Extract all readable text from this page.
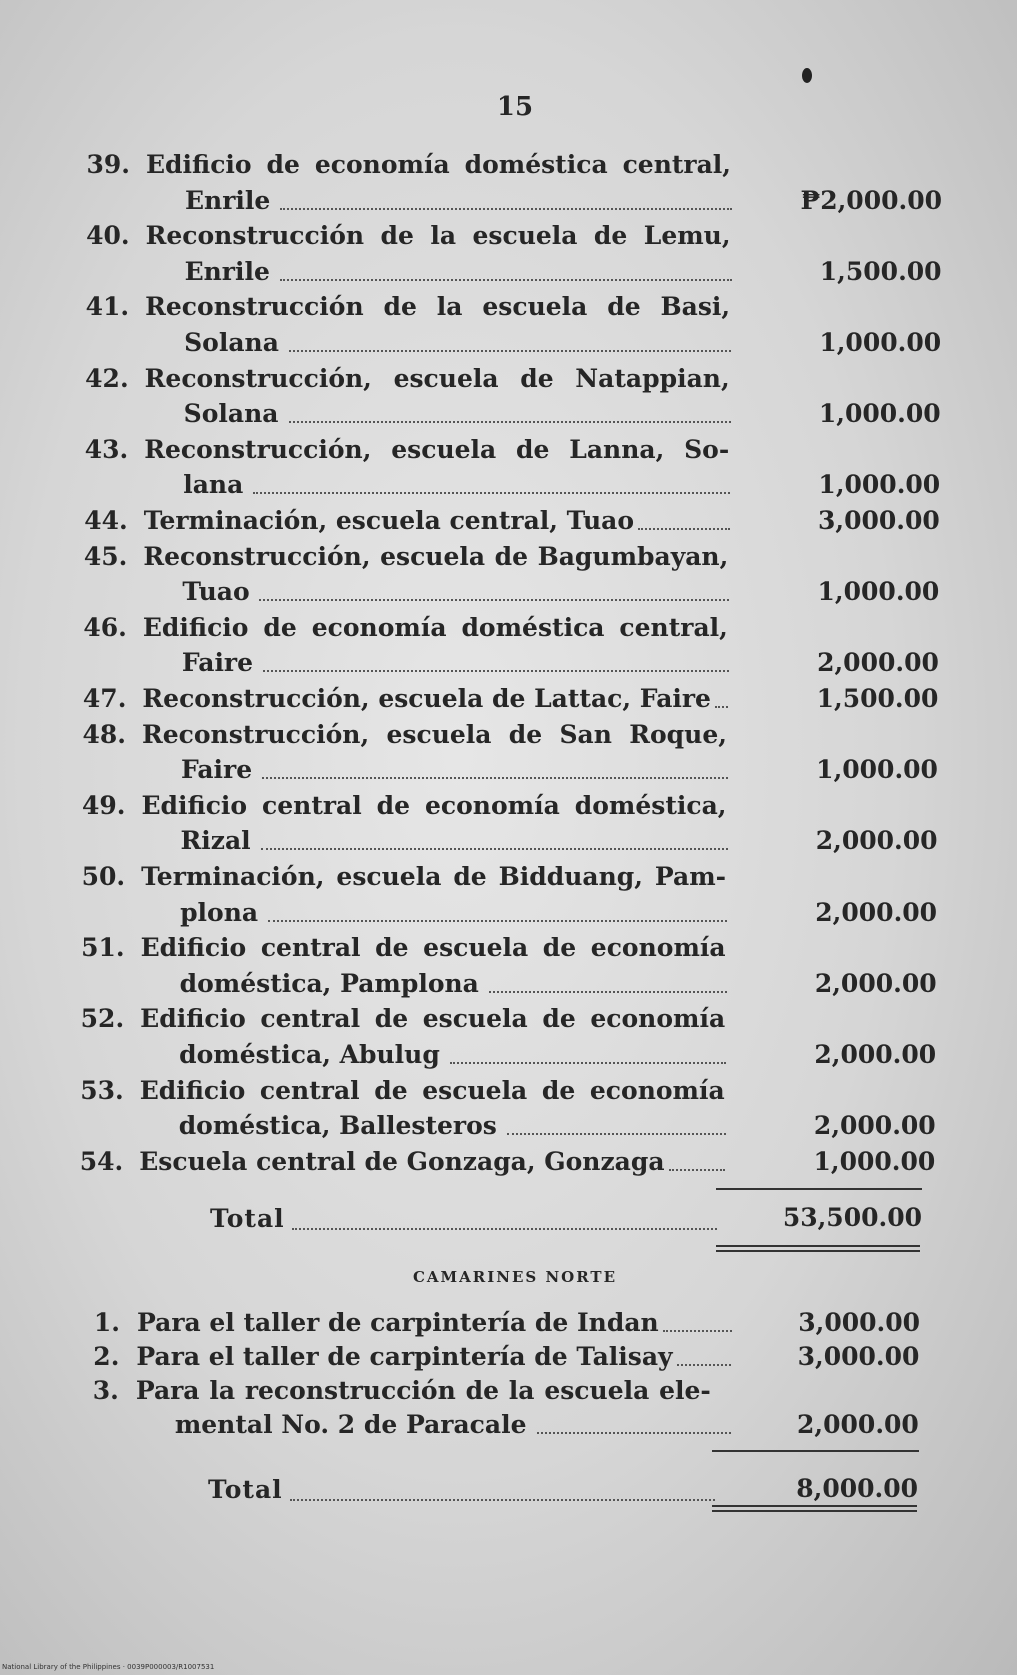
15
39. Edificio de economía doméstica central,
Enrile	₱2,000.00
40. Reconstrucción de la escuela de Lemu,
Enrile	1,500.00
41. Reconstrucción de la escuela de Basi,
Solana	1,000.00
42. Reconstrucción, escuela de Natappian,
Solana	1,000.00
43. Reconstrucción, escuela de Lanna, So-
lana	1,000.00
44. Terminación, escuela central, Tuao	3,000.00
45. Reconstrucción, escuela de Bagumbayan,
Tuao	1,000.00
46. Edificio de economía doméstica central,
Faire	2,000.00
47. Reconstrucción, escuela de Lattac, Faire	1,500.00
48. Reconstrucción, escuela de San Roque,
Faire	1,000.00
49. Edificio central de economía doméstica,
Rizal	2,000.00
50. Terminación, escuela de Bidduang, Pam-
plona	2,000.00
51. Edificio central de escuela de economía
doméstica, Pamplona	2,000.00
52. Edificio central de escuela de economía
doméstica, Abulug	2,000.00
53. Edificio central de escuela de economía
doméstica, Ballesteros	2,000.00
54. Escuela central de Gonzaga, Gonzaga	1,000.00
Total	53,500.00
CAMARINES NORTE
1. Para el taller de carpintería de Indan	3,000.00
2. Para el taller de carpintería de Talisay	3,000.00
3. Para la reconstrucción de la escuela ele-
mental No. 2 de Paracale	2,000.00
Total	8,000.00
National Library of the Philippines · 0039P000003/R1007531
